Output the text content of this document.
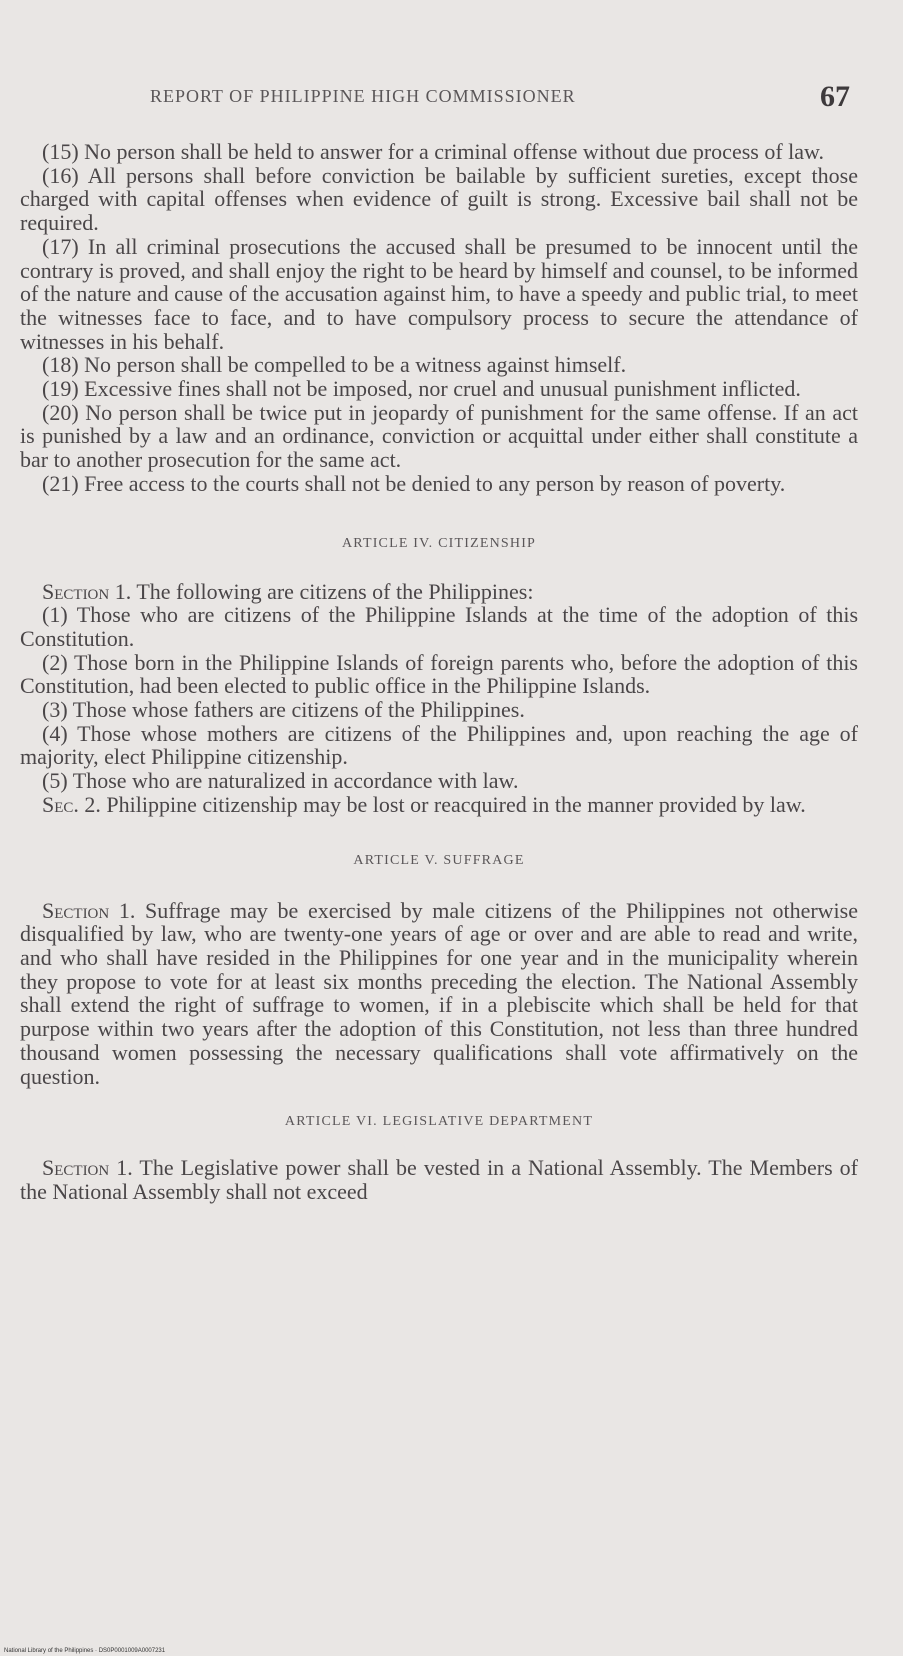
REPORT OF PHILIPPINE HIGH COMMISSIONER	67

(15) No person shall be held to answer for a criminal offense without due process of law.

(16) All persons shall before conviction be bailable by sufficient sureties, except those charged with capital offenses when evidence of guilt is strong. Excessive bail shall not be required.

(17) In all criminal prosecutions the accused shall be presumed to be innocent until the contrary is proved, and shall enjoy the right to be heard by himself and counsel, to be informed of the nature and cause of the accusation against him, to have a speedy and public trial, to meet the witnesses face to face, and to have compulsory process to secure the attendance of witnesses in his behalf.

(18) No person shall be compelled to be a witness against himself.

(19) Excessive fines shall not be imposed, nor cruel and unusual punishment inflicted.

(20) No person shall be twice put in jeopardy of punishment for the same offense. If an act is punished by a law and an ordinance, conviction or acquittal under either shall constitute a bar to another prosecution for the same act.

(21) Free access to the courts shall not be denied to any person by reason of poverty.

ARTICLE IV. CITIZENSHIP

Section 1. The following are citizens of the Philippines:

(1) Those who are citizens of the Philippine Islands at the time of the adoption of this Constitution.

(2) Those born in the Philippine Islands of foreign parents who, before the adoption of this Constitution, had been elected to public office in the Philippine Islands.

(3) Those whose fathers are citizens of the Philippines.

(4) Those whose mothers are citizens of the Philippines and, upon reaching the age of majority, elect Philippine citizenship.

(5) Those who are naturalized in accordance with law.

Sec. 2. Philippine citizenship may be lost or reacquired in the manner provided by law.

ARTICLE V. SUFFRAGE

Section 1. Suffrage may be exercised by male citizens of the Philippines not otherwise disqualified by law, who are twenty-one years of age or over and are able to read and write, and who shall have resided in the Philippines for one year and in the municipality wherein they propose to vote for at least six months preceding the election. The National Assembly shall extend the right of suffrage to women, if in a plebiscite which shall be held for that purpose within two years after the adoption of this Constitution, not less than three hundred thousand women possessing the necessary qualifications shall vote affirmatively on the question.

ARTICLE VI. LEGISLATIVE DEPARTMENT

Section 1. The Legislative power shall be vested in a National Assembly. The Members of the National Assembly shall not exceed

National Library of the Philippines · DS0P0001009A0007231
